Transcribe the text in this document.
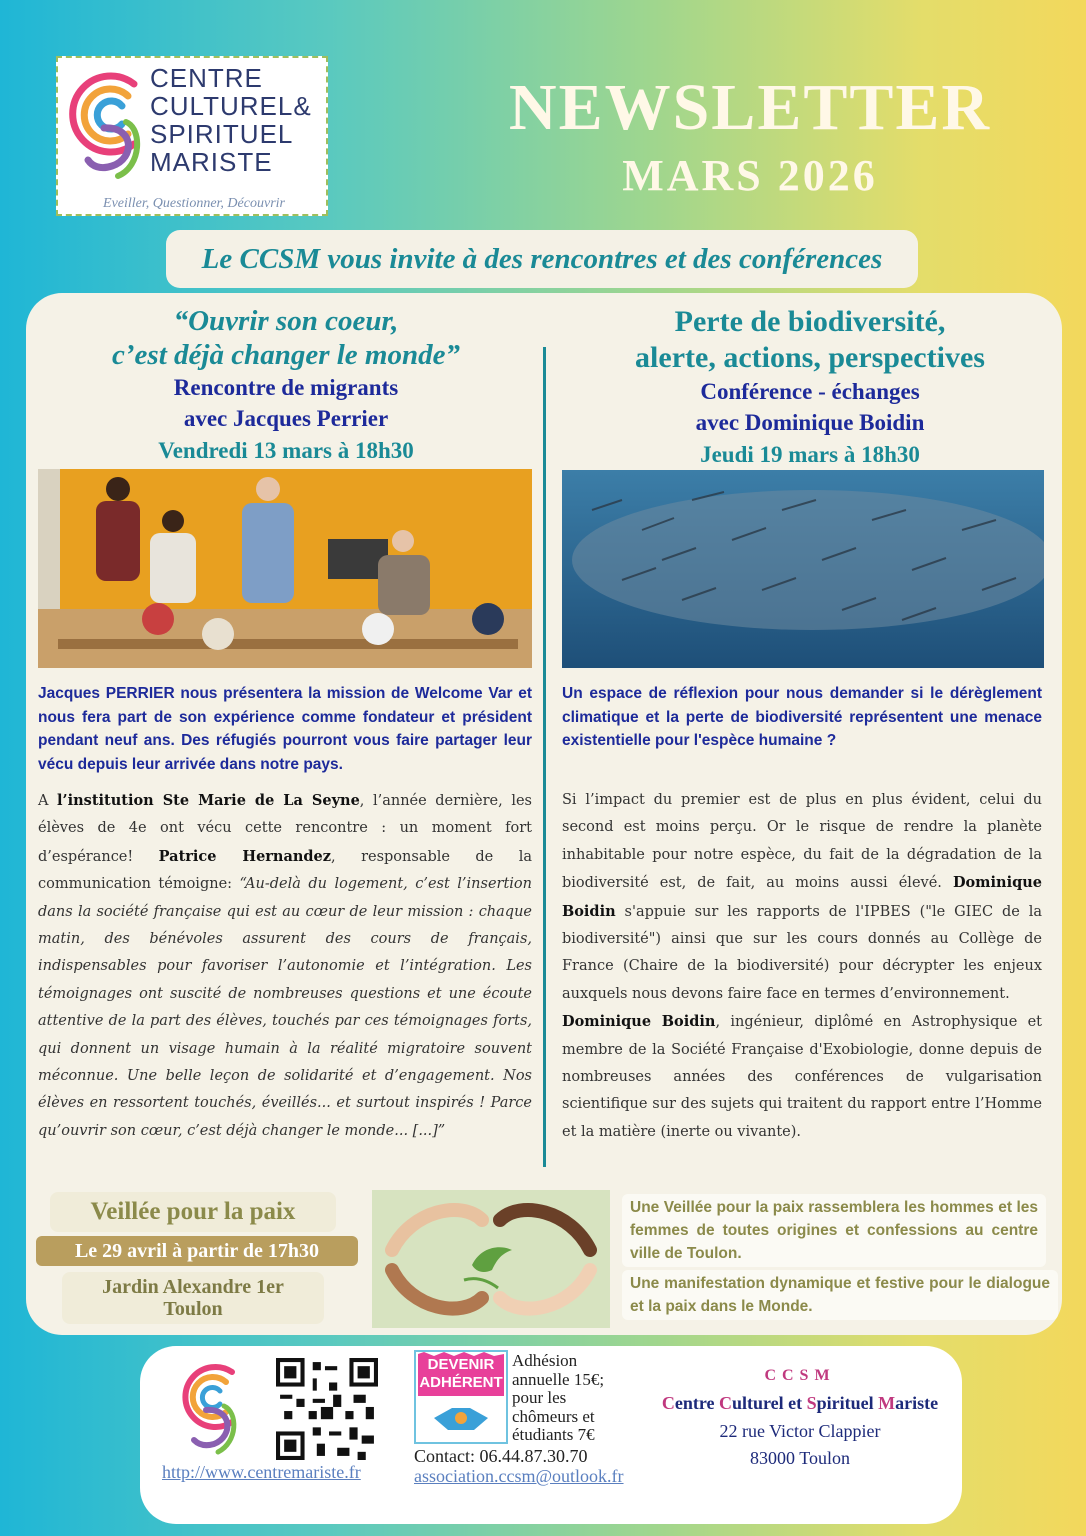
CENTRE
CULTUREL&
SPIRITUEL
MARISTE
Eveiller, Questionner, Découvrir
NEWSLETTER
MARS 2026
Le CCSM vous invite à des rencontres et des conférences
“Ouvrir son coeur,
c’est déjà changer le monde”
Rencontre de migrants
avec Jacques Perrier
Vendredi 13 mars à 18h30
Jacques PERRIER nous présentera la mission de Welcome Var et nous fera part de son expérience comme fondateur et président pendant neuf ans. Des réfugiés pourront vous faire partager leur vécu depuis leur arrivée dans notre pays.
A l’institution Ste Marie de La Seyne, l’année dernière, les élèves de 4e ont vécu cette rencontre : un moment fort d’espérance! Patrice Hernandez, responsable de la communication témoigne: “Au-delà du logement, c’est l’insertion dans la société française qui est au cœur de leur mission : chaque matin, des bénévoles assurent des cours de français, indispensables pour favoriser l’autonomie et l’intégration. Les témoignages ont suscité de nombreuses questions et une écoute attentive de la part des élèves, touchés par ces témoignages forts, qui donnent un visage humain à la réalité migratoire souvent méconnue. Une belle leçon de solidarité et d’engagement. Nos élèves en ressortent touchés, éveillés... et surtout inspirés ! Parce qu’ouvrir son cœur, c’est déjà changer le monde... [...]”
Perte de biodiversité,
alerte, actions, perspectives
Conférence - échanges
avec Dominique Boidin
Jeudi 19 mars à 18h30
Un espace de réflexion pour nous demander si le dérèglement climatique et la perte de biodiversité représentent une menace existentielle pour l'espèce humaine ?
Si l’impact du premier est de plus en plus évident, celui du second est moins perçu. Or le risque de rendre la planète inhabitable pour notre espèce, du fait de la dégradation de la biodiversité est, de fait, au moins aussi élevé. Dominique Boidin s'appuie sur les rapports de l'IPBES ("le GIEC de la biodiversité") ainsi que sur les cours donnés au Collège de France (Chaire de la biodiversité) pour décrypter les enjeux auxquels nous devons faire face en termes d’environnement.
Dominique Boidin, ingénieur, diplômé en Astrophysique et membre de la Société Française d'Exobiologie, donne depuis de nombreuses années des conférences de vulgarisation scientifique sur des sujets qui traitent du rapport entre l’Homme et la matière (inerte ou vivante).
Veillée pour la paix
Le 29 avril à partir de 17h30
Jardin Alexandre 1er
Toulon
Une Veillée pour la paix rassemblera les hommes et les femmes de toutes origines et confessions au centre ville de Toulon.
Une manifestation dynamique et festive pour le dialogue et la paix dans le Monde.
http://www.centremariste.fr
DEVENIR
ADHÉRENT
Adhésion annuelle 15€; pour les chômeurs et étudiants 7€
Contact: 06.44.87.30.70
association.ccsm@outlook.fr
CCSM
Centre Culturel et Spirituel Mariste
22 rue Victor Clappier
83000 Toulon
